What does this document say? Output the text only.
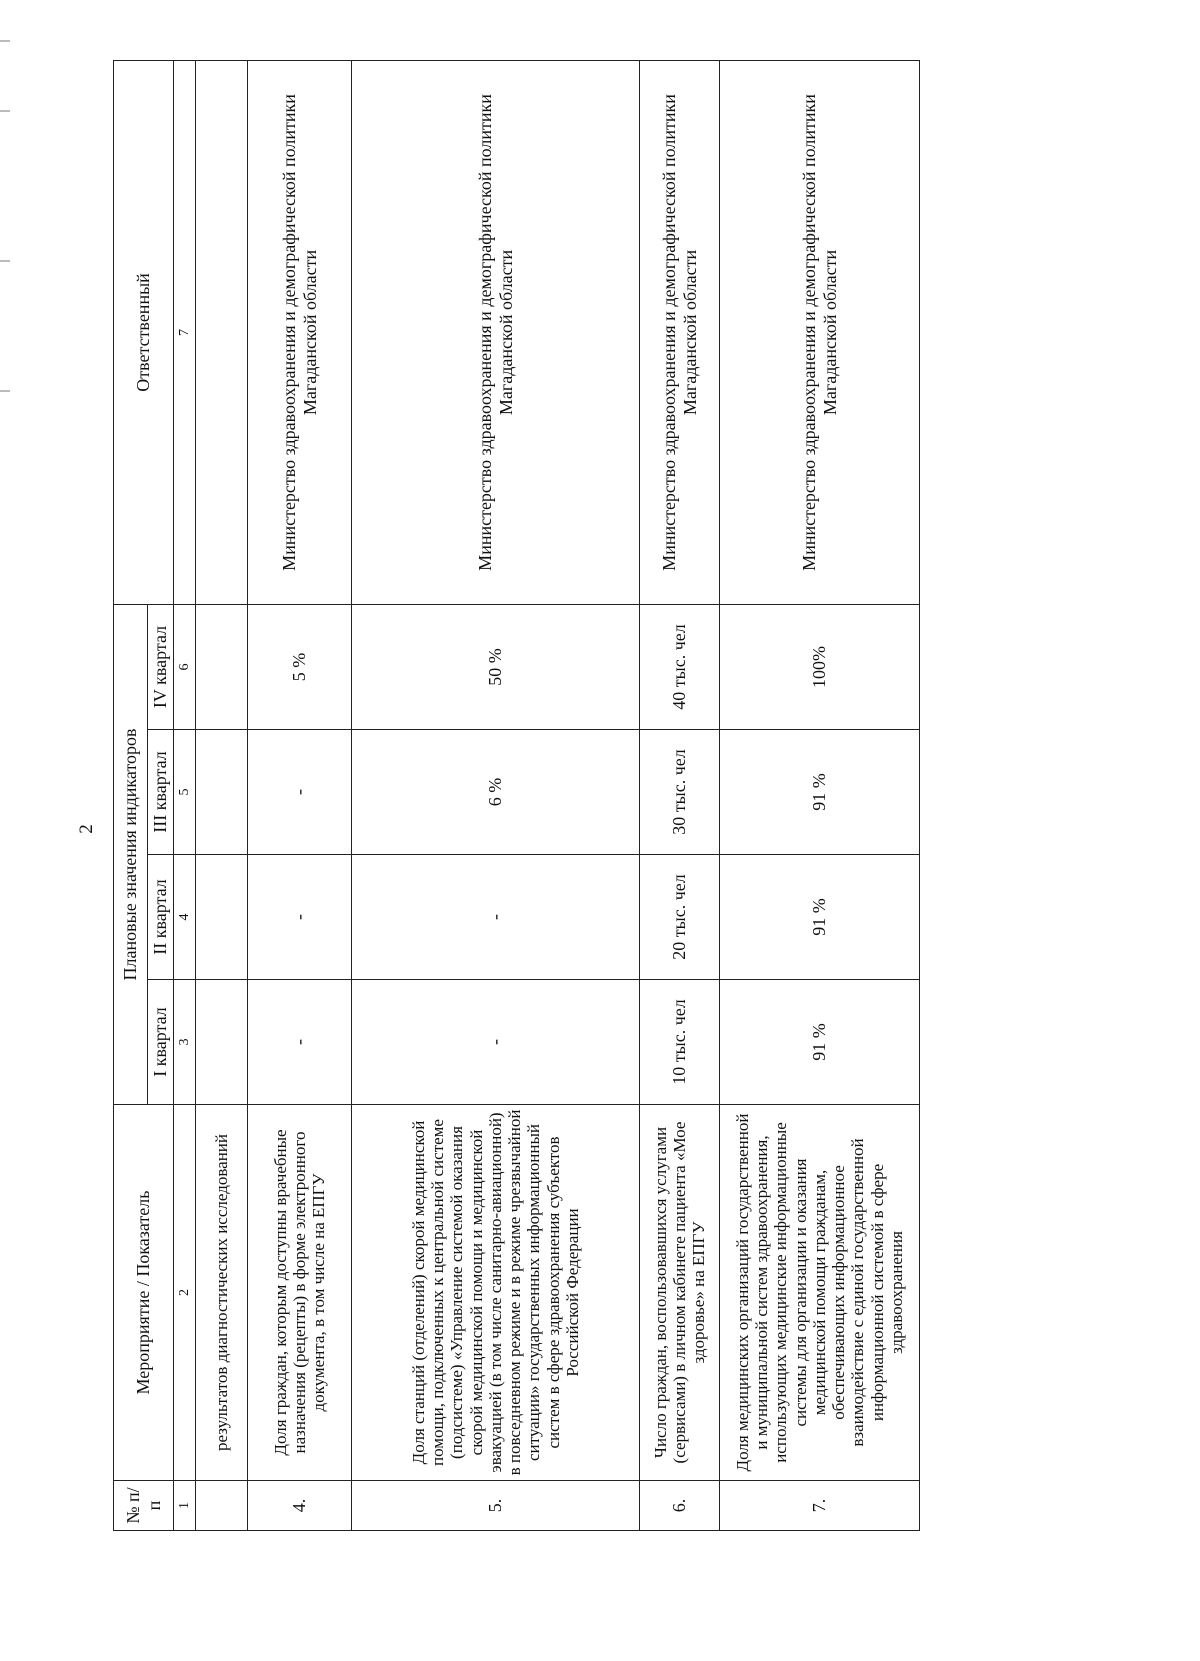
2
№ п/п	Мероприятие / Показатель	Плановые значения индикаторов				Ответственный
		I квартал	II квартал	III квартал	IV квартал	
1	2	3	4	5	6	7
	результатов диагностических исследований					
4.	Доля граждан, которым доступны врачебные назначения (рецепты) в форме электронного документа, в том числе на ЕПГУ	-	-	-	5 %	Министерство здравоохранения и демографической политики Магаданской области
5.	Доля станций (отделений) скорой медицинской помощи, подключенных к центральной системе (подсистеме) «Управление системой оказания скорой медицинской помощи и медицинской эвакуацией (в том числе санитарно-авиационной) в повседневном режиме и в режиме чрезвычайной ситуации» государственных информационный систем в сфере здравоохранения субъектов Российской Федерации	-	-	6 %	50 %	Министерство здравоохранения и демографической политики Магаданской области
6.	Число граждан, воспользовавшихся услугами (сервисами) в личном кабинете пациента «Мое здоровье» на ЕПГУ	10 тыс. чел	20 тыс. чел	30 тыс. чел	40 тыс. чел	Министерство здравоохранения и демографической политики Магаданской области
7.	Доля медицинских организаций государственной и муниципальной систем здравоохранения, использующих медицинские информационные системы для организации и оказания медицинской помощи гражданам, обеспечивающих информационное взаимодействие с единой государственной информационной системой в сфере здравоохранения	91 %	91 %	91 %	100%	Министерство здравоохранения и демографической политики Магаданской области
